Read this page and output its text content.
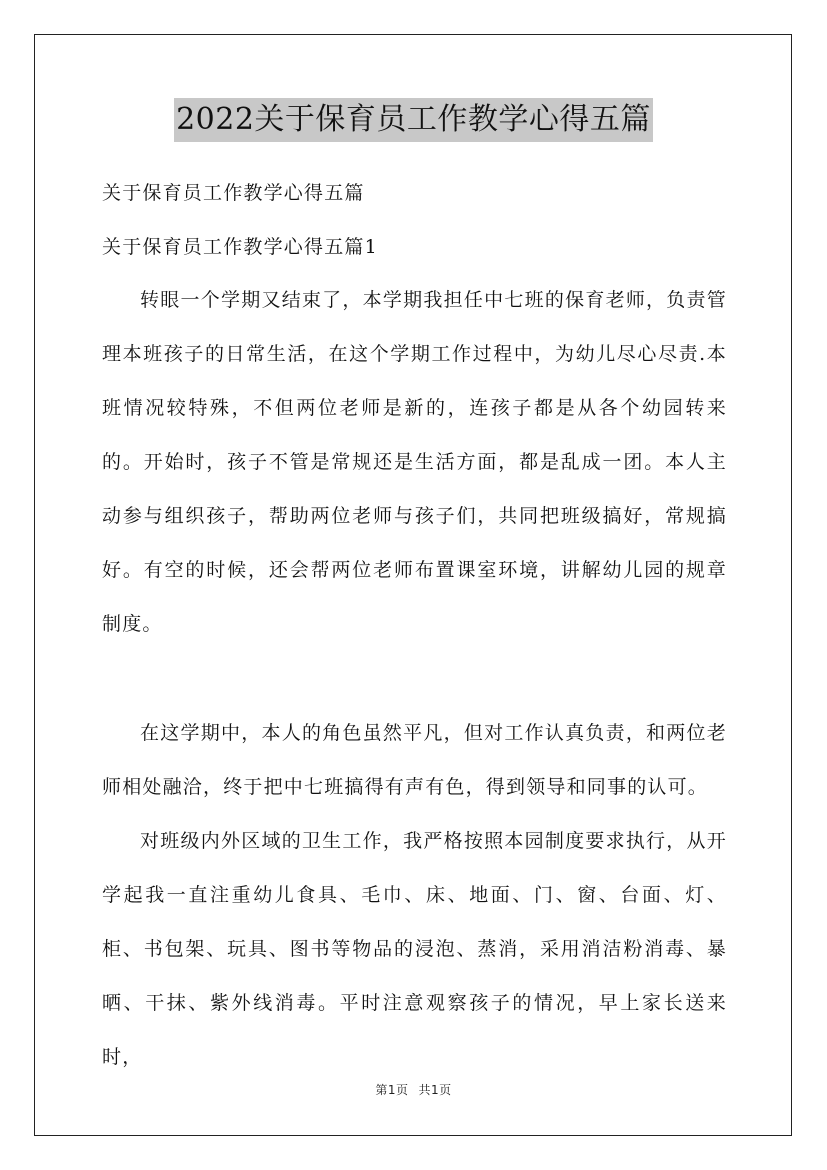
2022关于保育员工作教学心得五篇
关于保育员工作教学心得五篇
关于保育员工作教学心得五篇1
转眼一个学期又结束了，本学期我担任中七班的保育老师，负责管理本班孩子的日常生活，在这个学期工作过程中，为幼儿尽心尽责.本班情况较特殊，不但两位老师是新的，连孩子都是从各个幼园转来的。开始时，孩子不管是常规还是生活方面，都是乱成一团。本人主动参与组织孩子，帮助两位老师与孩子们，共同把班级搞好，常规搞好。有空的时候，还会帮两位老师布置课室环境，讲解幼儿园的规章制度。
在这学期中，本人的角色虽然平凡，但对工作认真负责，和两位老师相处融洽，终于把中七班搞得有声有色，得到领导和同事的认可。
对班级内外区域的卫生工作，我严格按照本园制度要求执行，从开学起我一直注重幼儿食具、毛巾、床、地面、门、窗、台面、灯、柜、书包架、玩具、图书等物品的浸泡、蒸消，采用消洁粉消毒、暴晒、干抹、紫外线消毒。平时注意观察孩子的情况，早上家长送来时，
第1页 共1页
